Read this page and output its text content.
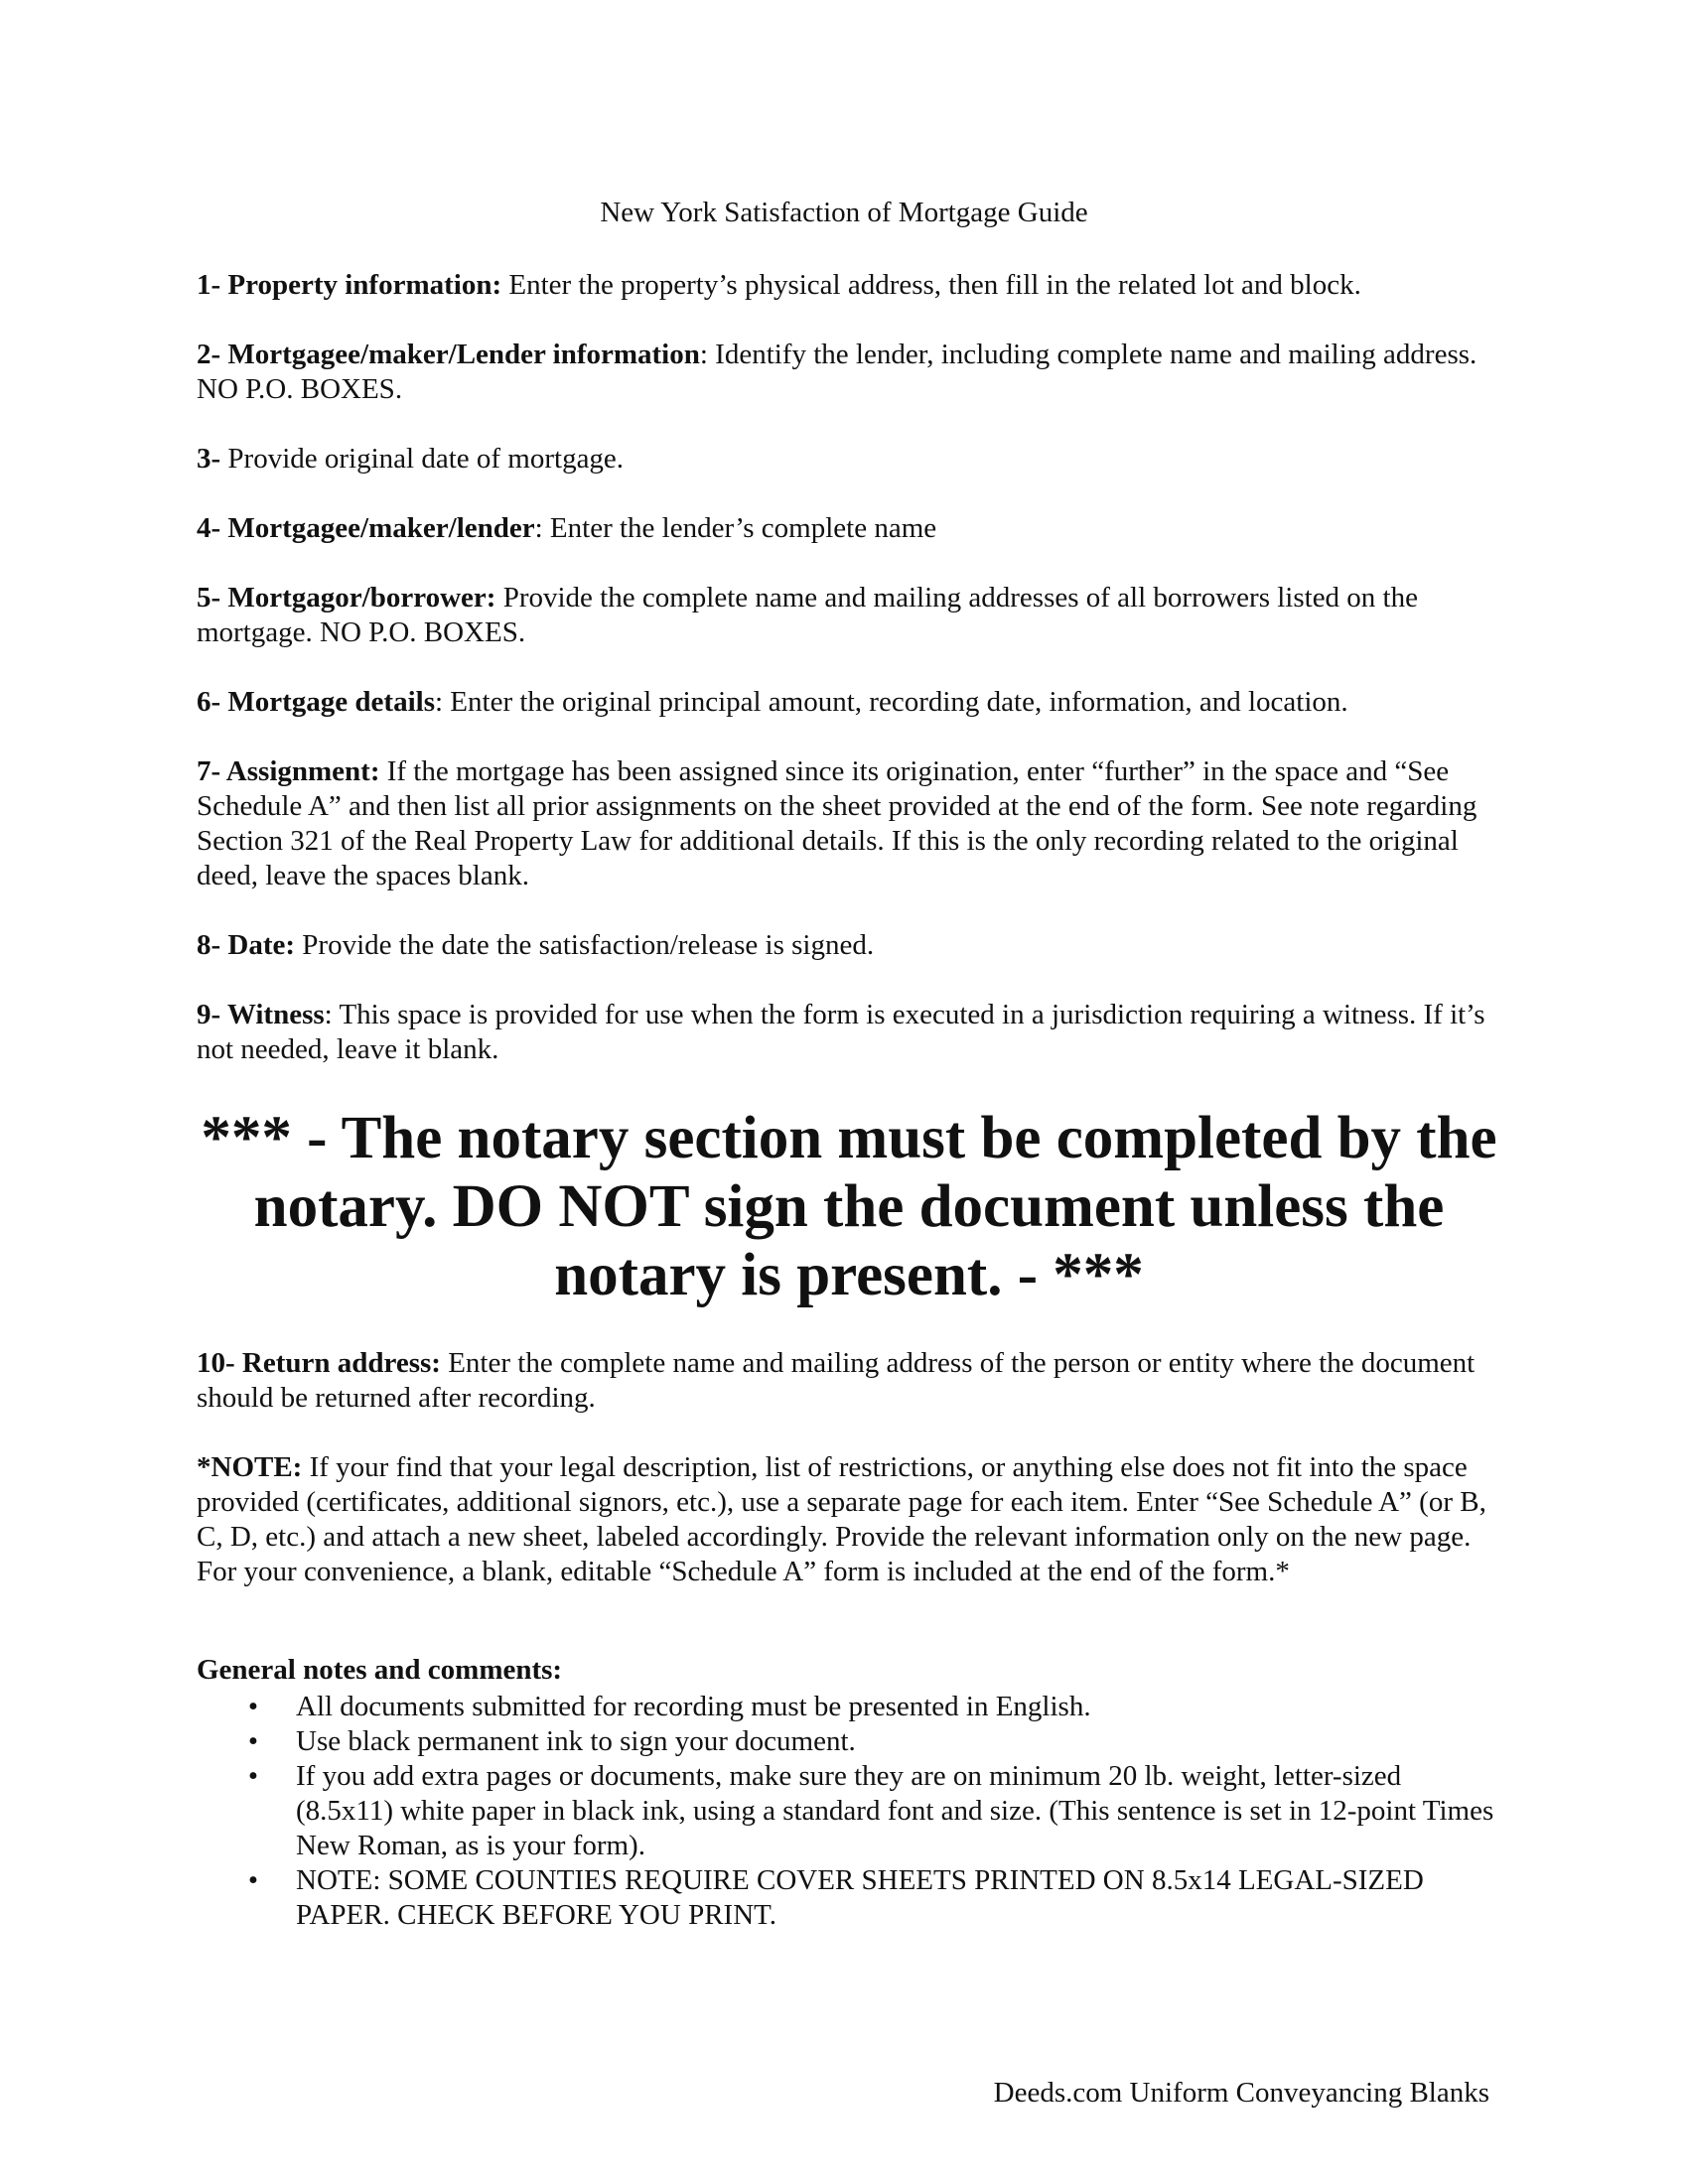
New York Satisfaction of Mortgage Guide
1- Property information: Enter the property’s physical address, then fill in the related lot and block.
2- Mortgagee/maker/Lender information: Identify the lender, including complete name and mailing address. NO P.O. BOXES.
3- Provide original date of mortgage.
4- Mortgagee/maker/lender: Enter the lender’s complete name
5- Mortgagor/borrower: Provide the complete name and mailing addresses of all borrowers listed on the mortgage. NO P.O. BOXES.
6- Mortgage details: Enter the original principal amount, recording date, information, and location.
7- Assignment: If the mortgage has been assigned since its origination, enter “further” in the space and “See Schedule A” and then list all prior assignments on the sheet provided at the end of the form. See note regarding Section 321 of the Real Property Law for additional details. If this is the only recording related to the original deed, leave the spaces blank.
8- Date: Provide the date the satisfaction/release is signed.
9- Witness: This space is provided for use when the form is executed in a jurisdiction requiring a witness. If it’s not needed, leave it blank.
*** - The notary section must be completed by the notary. DO NOT sign the document unless the notary is present. - ***
10- Return address: Enter the complete name and mailing address of the person or entity where the document should be returned after recording.
*NOTE: If your find that your legal description, list of restrictions, or anything else does not fit into the space provided (certificates, additional signors, etc.), use a separate page for each item. Enter “See Schedule A” (or B, C, D, etc.) and attach a new sheet, labeled accordingly. Provide the relevant information only on the new page. For your convenience, a blank, editable “Schedule A” form is included at the end of the form.*
General notes and comments:
• All documents submitted for recording must be presented in English.
• Use black permanent ink to sign your document.
• If you add extra pages or documents, make sure they are on minimum 20 lb. weight, letter-sized (8.5x11) white paper in black ink, using a standard font and size. (This sentence is set in 12-point Times New Roman, as is your form).
• NOTE: SOME COUNTIES REQUIRE COVER SHEETS PRINTED ON 8.5x14 LEGAL-SIZED PAPER. CHECK BEFORE YOU PRINT.
Deeds.com Uniform Conveyancing Blanks
